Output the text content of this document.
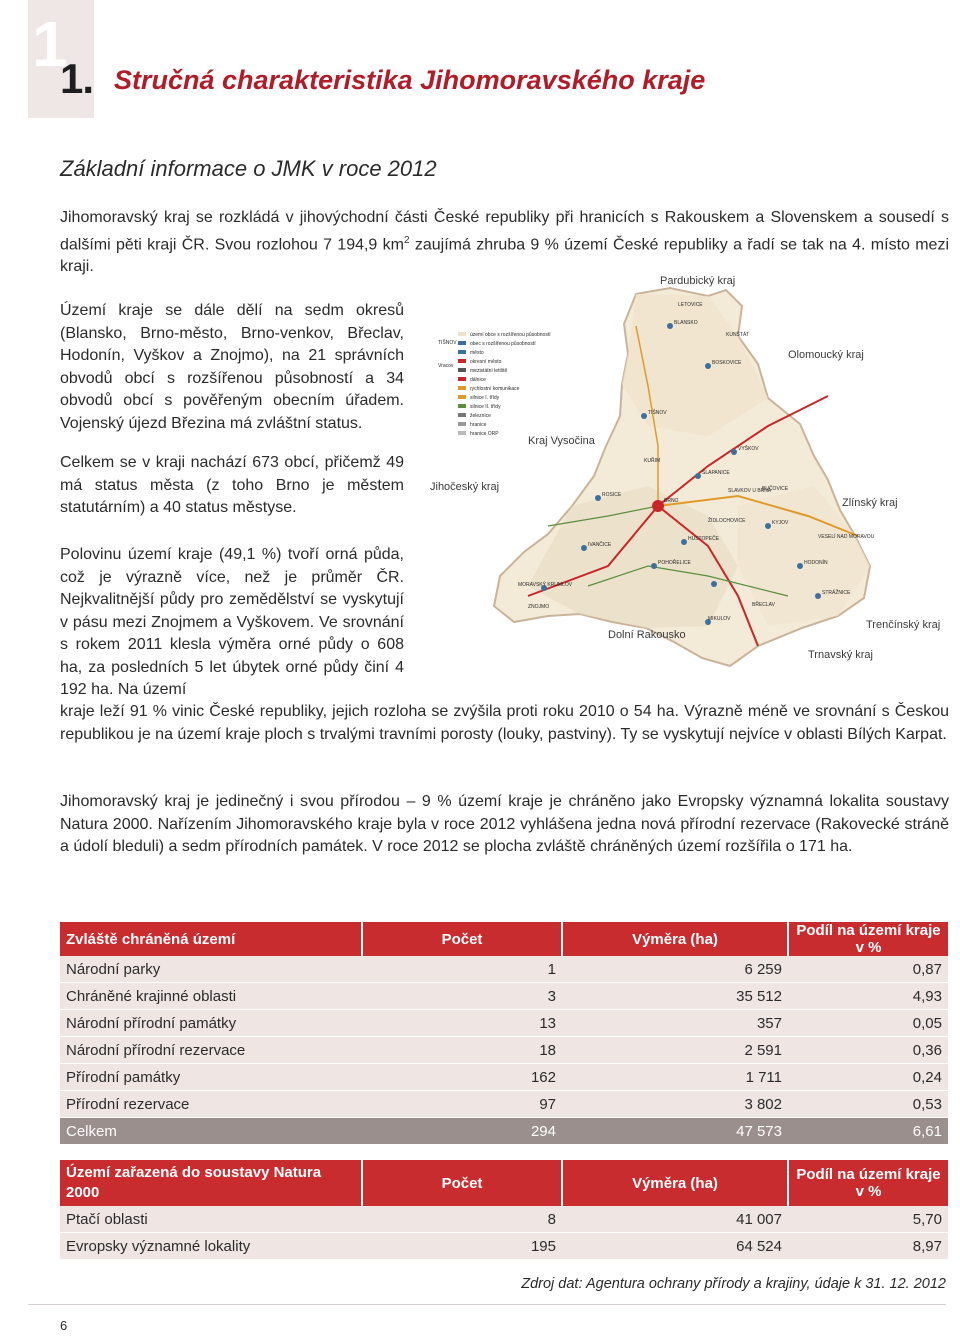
1
1. Stručná charakteristika Jihomoravského kraje
Základní informace o JMK v roce 2012

Jihomoravský kraj se rozkládá v jihovýchodní části České republiky při hranicích s Rakouskem a Slovenskem a sousedí s dalšími pěti kraji ČR. Svou rozlohou 7 194,9 $km^2$ zaujímá zhruba 9 % území České republiky a řadí se tak na 4. místo mezi kraji.

Území kraje se dále dělí na sedm okresů (Blansko, Brno-město, Brno-venkov, Břeclav, Hodonín, Vyškov a Znojmo), na 21 správních obvodů obcí s rozšířenou působností a 34 obvodů obcí s pověřeným obecním úřadem. Vojenský újezd Březina má zvláštní status.

Celkem se v kraji nachází 673 obcí, přičemž 49 má status města (z toho Brno je městem statutárním) a 40 status městyse.

Polovinu území kraje (49,1 %) tvoří orná půda, což je výrazně více, než je průměr ČR. Nejkvalitnější půdy pro zemědělství se vyskytují v pásu mezi Znojmem a Vyškovem. Ve srovnání s rokem 2011 klesla výměra orné půdy o 608 ha, za posledních 5 let úbytek orné půdy činí 4 192 ha. Na území

kraje leží 91 % vinic České republiky, jejich rozloha se zvýšila proti roku 2010 o 54 ha. Výrazně méně ve srovnání s Českou republikou je na území kraje ploch s trvalými travními porosty (louky, pastviny). Ty se vyskytují nejvíce v oblasti Bílých Karpat.

Jihomoravský kraj je jedinečný i svou přírodou – 9 % území kraje je chráněno jako Evropsky významná lokalita soustavy Natura 2000. Nařízením Jihomoravského kraje byla v roce 2012 vyhlášena jedna nová přírodní rezervace (Rakovecké stráně a údolí bleduli) a sedm přírodních památek. V roce 2012 se plocha zvláště chráněných území rozšířila o 171 ha.

Pardubický kraj
Olomoucký kraj
Kraj Vysočina
Jihočeský kraj
Zlínský kraj
Dolní Rakousko
Trenčínský kraj
Trnavský kraj
BLANSKO
BOSKOVICE
KUNŠTÁT
LETOVICE
TIŠNOV
BRNO
VYŠKOV
ŠLAPANICE
ROSICE
IVANČICE
MORAVSKÝ KRUMLOV
POHOŘELICE
HUSTOPEČE
ŽIDLOCHOVICE
SLAVKOV U BRNA
BUČOVICE
KYJOV
HODONÍN
VESELÍ NAD MORAVOU
STRÁŽNICE
MIKULOV
BŘECLAV
ZNOJMO
KUŘIM
TIŠNOV
Vracov
území obce s rozšířenou působností
obec s rozšířenou působností
město
okresní město
mezistátní letiště
dálnice
rychlostní komunikace
silnice I. třídy
silnice II. třídy
železnice
hranice
hranice ORP
Zvláště chráněná území	Počet	Výměra (ha)	Podíl na území kraje v %
Národní parky	1	6 259	0,87
Chráněné krajinné oblasti	3	35 512	4,93
Národní přírodní památky	13	357	0,05
Národní přírodní rezervace	18	2 591	0,36
Přírodní památky	162	1 711	0,24
Přírodní rezervace	97	3 802	0,53
Celkem	294	47 573	6,61
Území zařazená do soustavy Natura 2000	Počet	Výměra (ha)	Podíl na území kraje v %
Ptačí oblasti	8	41 007	5,70
Evropsky významné lokality	195	64 524	8,97
Zdroj dat: Agentura ochrany přírody a krajiny, údaje k 31. 12. 2012
6
